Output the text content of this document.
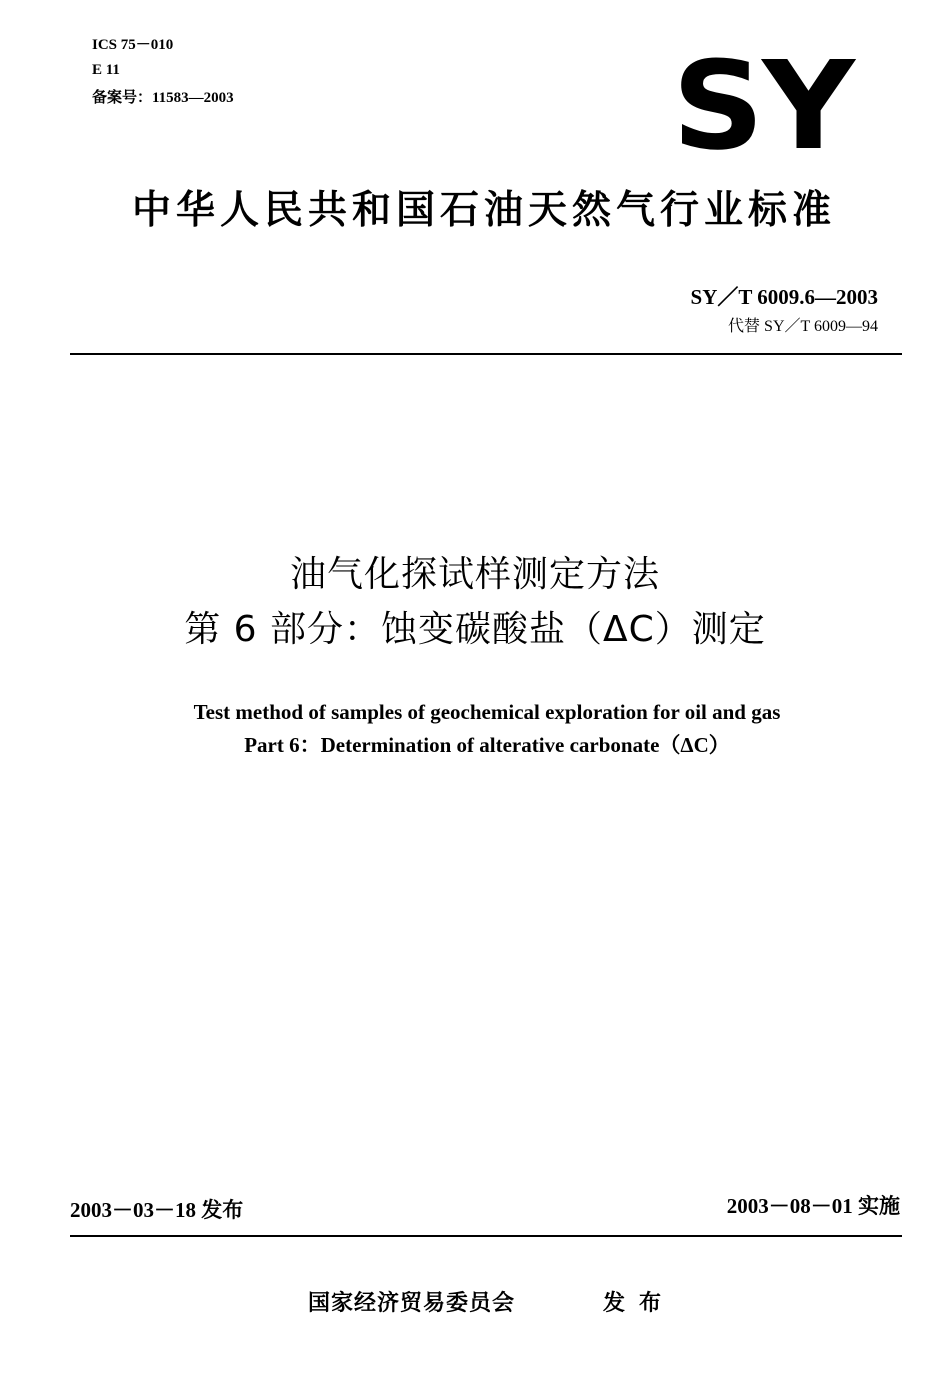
ICS 75－010
E 11
备案号：11583—2003	SY
中华人民共和国石油天然气行业标准
SY／T 6009.6—2003
代替 SY／T 6009—94
油气化探试样测定方法
第 6 部分：蚀变碳酸盐（ΔC）测定
Test method of samples of geochemical exploration for oil and gas
Part 6：Determination of alterative carbonate（ΔC）
2003－03－18 发布	2003－08－01 实施
国家经济贸易委员会	发布
